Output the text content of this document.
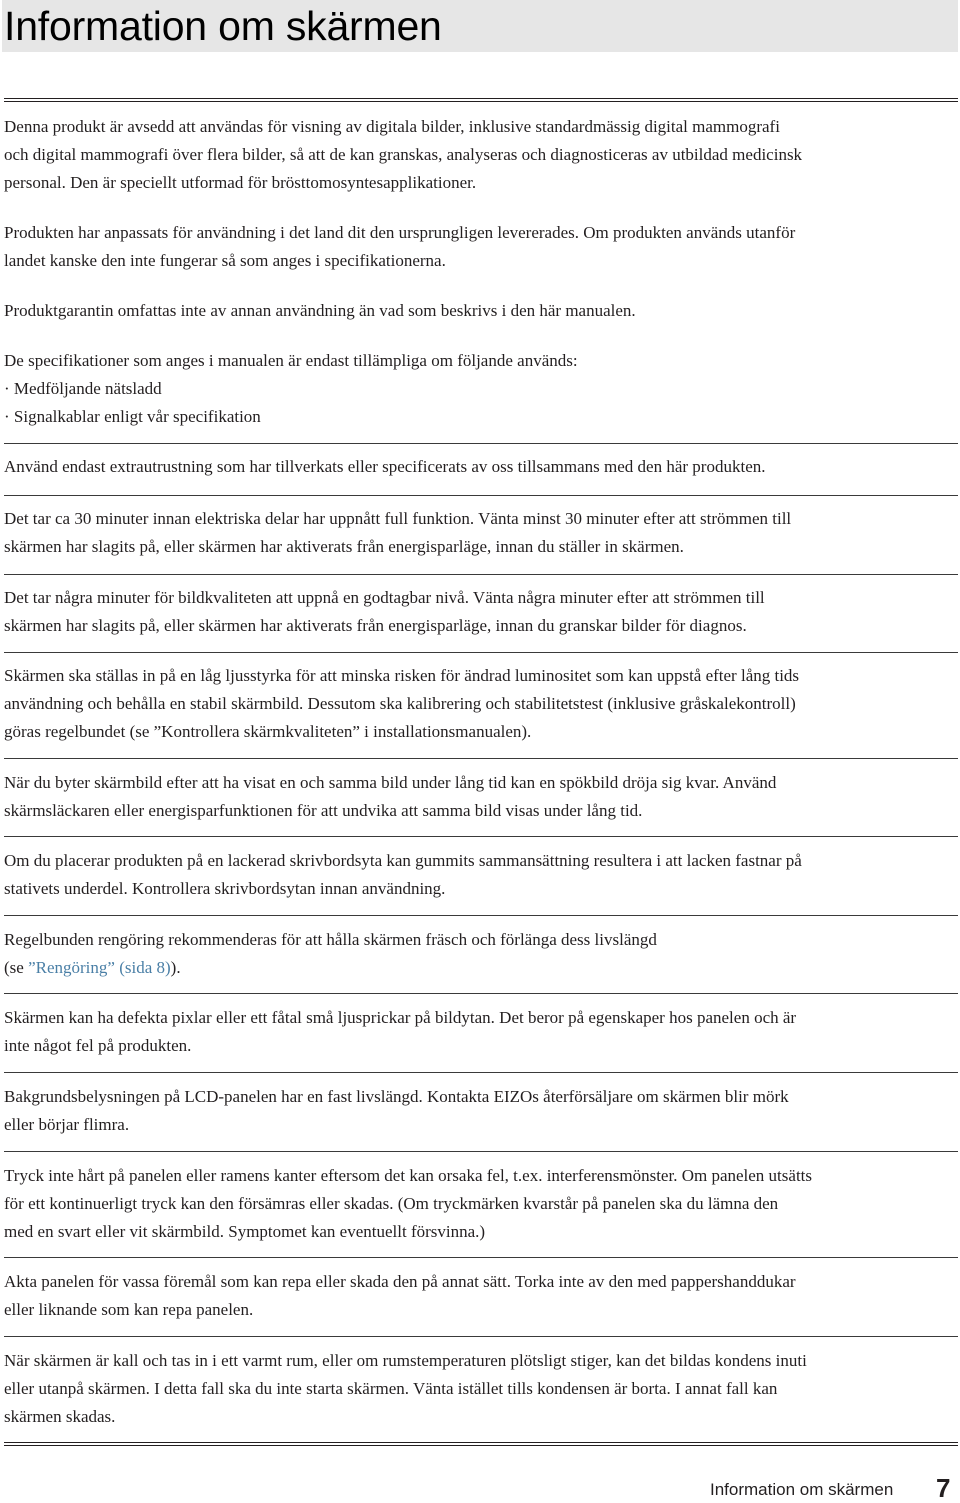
Information om skärmen

Denna produkt är avsedd att användas för visning av digitala bilder, inklusive standardmässig digital mammografi
och digital mammografi över flera bilder, så att de kan granskas, analyseras och diagnosticeras av utbildad medicinsk
personal. Den är speciellt utformad för brösttomosyntesapplikationer.

Produkten har anpassats för användning i det land dit den ursprungligen levererades. Om produkten används utanför
landet kanske den inte fungerar så som anges i specifikationerna.

Produktgarantin omfattas inte av annan användning än vad som beskrivs i den här manualen.

De specifikationer som anges i manualen är endast tillämpliga om följande används:
· Medföljande nätsladd
· Signalkablar enligt vår specifikation

Använd endast extrautrustning som har tillverkats eller specificerats av oss tillsammans med den här produkten.

Det tar ca 30 minuter innan elektriska delar har uppnått full funktion. Vänta minst 30 minuter efter att strömmen till
skärmen har slagits på, eller skärmen har aktiverats från energisparläge, innan du ställer in skärmen.

Det tar några minuter för bildkvaliteten att uppnå en godtagbar nivå. Vänta några minuter efter att strömmen till
skärmen har slagits på, eller skärmen har aktiverats från energisparläge, innan du granskar bilder för diagnos.

Skärmen ska ställas in på en låg ljusstyrka för att minska risken för ändrad luminositet som kan uppstå efter lång tids
användning och behålla en stabil skärmbild. Dessutom ska kalibrering och stabilitetstest (inklusive gråskalekontroll)
göras regelbundet (se ”Kontrollera skärmkvaliteten” i installationsmanualen).

När du byter skärmbild efter att ha visat en och samma bild under lång tid kan en spökbild dröja sig kvar. Använd
skärmsläckaren eller energisparfunktionen för att undvika att samma bild visas under lång tid.

Om du placerar produkten på en lackerad skrivbordsyta kan gummits sammansättning resultera i att lacken fastnar på
stativets underdel. Kontrollera skrivbordsytan innan användning.

Regelbunden rengöring rekommenderas för att hålla skärmen fräsch och förlänga dess livslängd
(se ”Rengöring” (sida 8)).

Skärmen kan ha defekta pixlar eller ett fåtal små ljusprickar på bildytan. Det beror på egenskaper hos panelen och är
inte något fel på produkten.

Bakgrundsbelysningen på LCD-panelen har en fast livslängd. Kontakta EIZOs återförsäljare om skärmen blir mörk
eller börjar flimra.

Tryck inte hårt på panelen eller ramens kanter eftersom det kan orsaka fel, t.ex. interferensmönster. Om panelen utsätts
för ett kontinuerligt tryck kan den försämras eller skadas. (Om tryckmärken kvarstår på panelen ska du lämna den
med en svart eller vit skärmbild. Symptomet kan eventuellt försvinna.)

Akta panelen för vassa föremål som kan repa eller skada den på annat sätt. Torka inte av den med pappershanddukar
eller liknande som kan repa panelen.

När skärmen är kall och tas in i ett varmt rum, eller om rumstemperaturen plötsligt stiger, kan det bildas kondens inuti
eller utanpå skärmen. I detta fall ska du inte starta skärmen. Vänta istället tills kondensen är borta. I annat fall kan
skärmen skadas.

Information om skärmen 7
